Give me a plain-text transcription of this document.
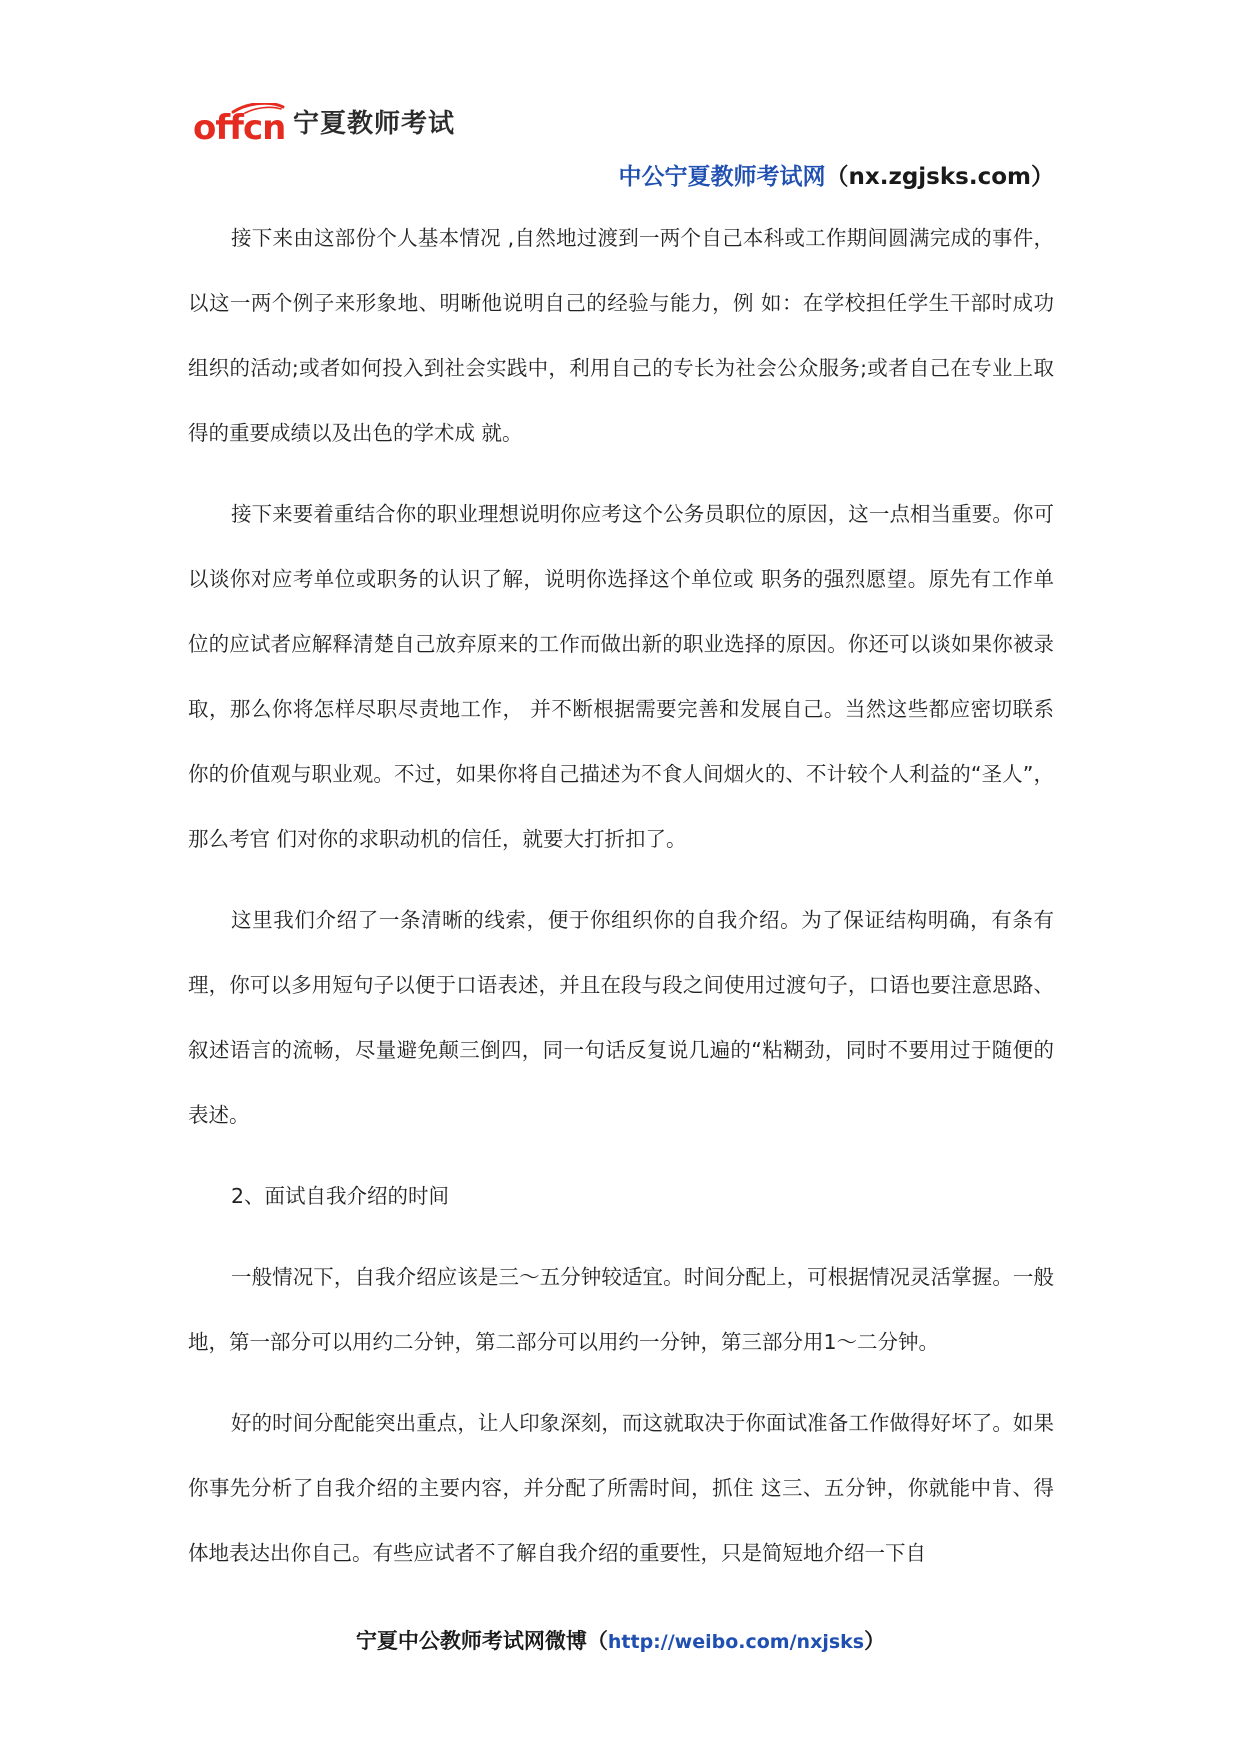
offcn 宁夏教师考试
中公宁夏教师考试网（nx.zgjsks.com）

接下来由这部份个人基本情况 ,自然地过渡到一两个自己本科或工作期间圆满完成的事件，以这一两个例子来形象地、明晰他说明自己的经验与能力，例 如：在学校担任学生干部时成功组织的活动;或者如何投入到社会实践中，利用自己的专长为社会公众服务;或者自己在专业上取得的重要成绩以及出色的学术成 就。

接下来要着重结合你的职业理想说明你应考这个公务员职位的原因，这一点相当重要。你可以谈你对应考单位或职务的认识了解，说明你选择这个单位或 职务的强烈愿望。原先有工作单位的应试者应解释清楚自己放弃原来的工作而做出新的职业选择的原因。你还可以谈如果你被录取，那么你将怎样尽职尽责地工作， 并不断根据需要完善和发展自己。当然这些都应密切联系你的价值观与职业观。不过，如果你将自己描述为不食人间烟火的、不计较个人利益的“圣人”，那么考官 们对你的求职动机的信任，就要大打折扣了。

这里我们介绍了一条清晰的线索，便于你组织你的自我介绍。为了保证结构明确，有条有理，你可以多用短句子以便于口语表述，并且在段与段之间使用过渡句子，口语也要注意思路、叙述语言的流畅，尽量避免颠三倒四，同一句话反复说几遍的“粘糊劲，同时不要用过于随便的表述。

2、面试自我介绍的时间

一般情况下，自我介绍应该是三～五分钟较适宜。时间分配上，可根据情况灵活掌握。一般地，第一部分可以用约二分钟，第二部分可以用约一分钟，第三部分用1～二分钟。

好的时间分配能突出重点，让人印象深刻，而这就取决于你面试准备工作做得好坏了。如果你事先分析了自我介绍的主要内容，并分配了所需时间，抓住 这三、五分钟，你就能中肯、得体地表达出你自己。有些应试者不了解自我介绍的重要性，只是简短地介绍一下自

宁夏中公教师考试网微博（http://weibo.com/nxjsks）
